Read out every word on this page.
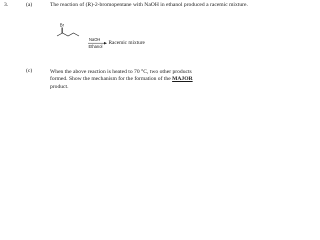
3.	(a)	The reaction of (R)-2-bromopentane with NaOH in ethanol produced a racemic mixture.
Br
NaOH
Ethanol
Racemic mixture
(c)	When the above reaction is heated to 70 °C, two other products formed. Show the mechanism for the formation of the MAJOR product.
